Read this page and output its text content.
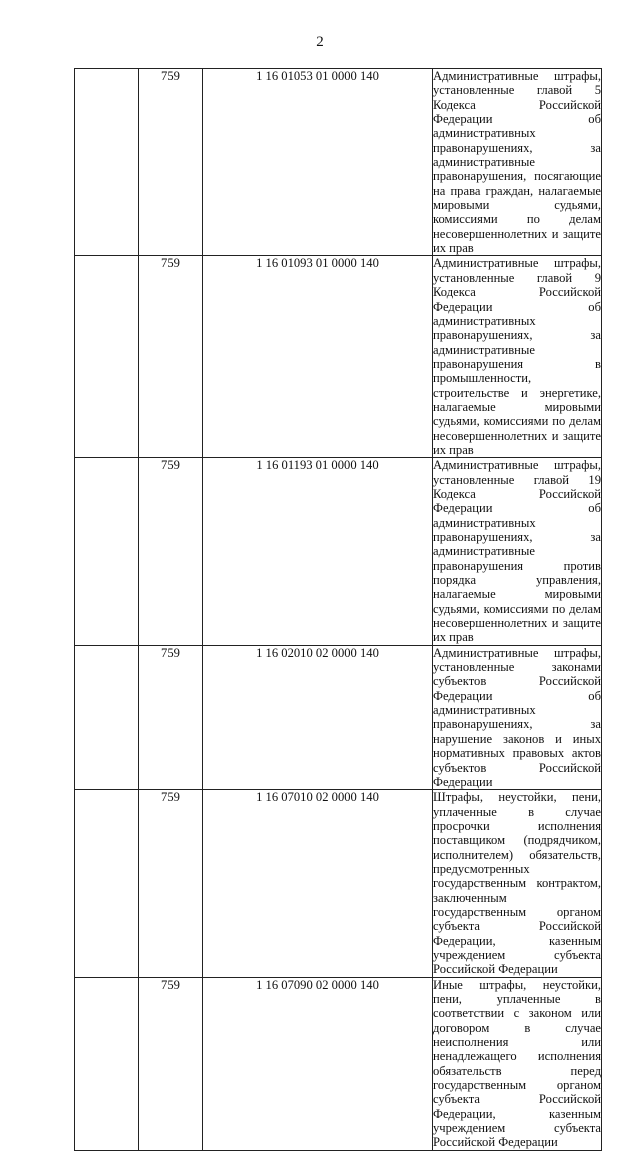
2
	759	1 16 01053 01 0000 140	Административные штрафы, установленные главой 5 Кодекса Российской Федерации об административных правонарушениях, за административные правонарушения, посягающие на права граждан, налагаемые мировыми судьями, комиссиями по делам несовершеннолетних и защите их прав
	759	1 16 01093 01 0000 140	Административные штрафы, установленные главой 9 Кодекса Российской Федерации об административных правонарушениях, за административные правонарушения в промышленности, строительстве и энергетике, налагаемые мировыми судьями, комиссиями по делам несовершеннолетних и защите их прав
	759	1 16 01193 01 0000 140	Административные штрафы, установленные главой 19 Кодекса Российской Федерации об административных правонарушениях, за административные правонарушения против порядка управления, налагаемые мировыми судьями, комиссиями по делам несовершеннолетних и защите их прав
	759	1 16 02010 02 0000 140	Административные штрафы, установленные законами субъектов Российской Федерации об административных правонарушениях, за нарушение законов и иных нормативных правовых актов субъектов Российской Федерации
	759	1 16 07010 02 0000 140	Штрафы, неустойки, пени, уплаченные в случае просрочки исполнения поставщиком (подрядчиком, исполнителем) обязательств, предусмотренных государственным контрактом, заключенным государственным органом субъекта Российской Федерации, казенным учреждением субъекта Российской Федерации
	759	1 16 07090 02 0000 140	Иные штрафы, неустойки, пени, уплаченные в соответствии с законом или договором в случае неисполнения или ненадлежащего исполнения обязательств перед государственным органом субъекта Российской Федерации, казенным учреждением субъекта Российской Федерации
